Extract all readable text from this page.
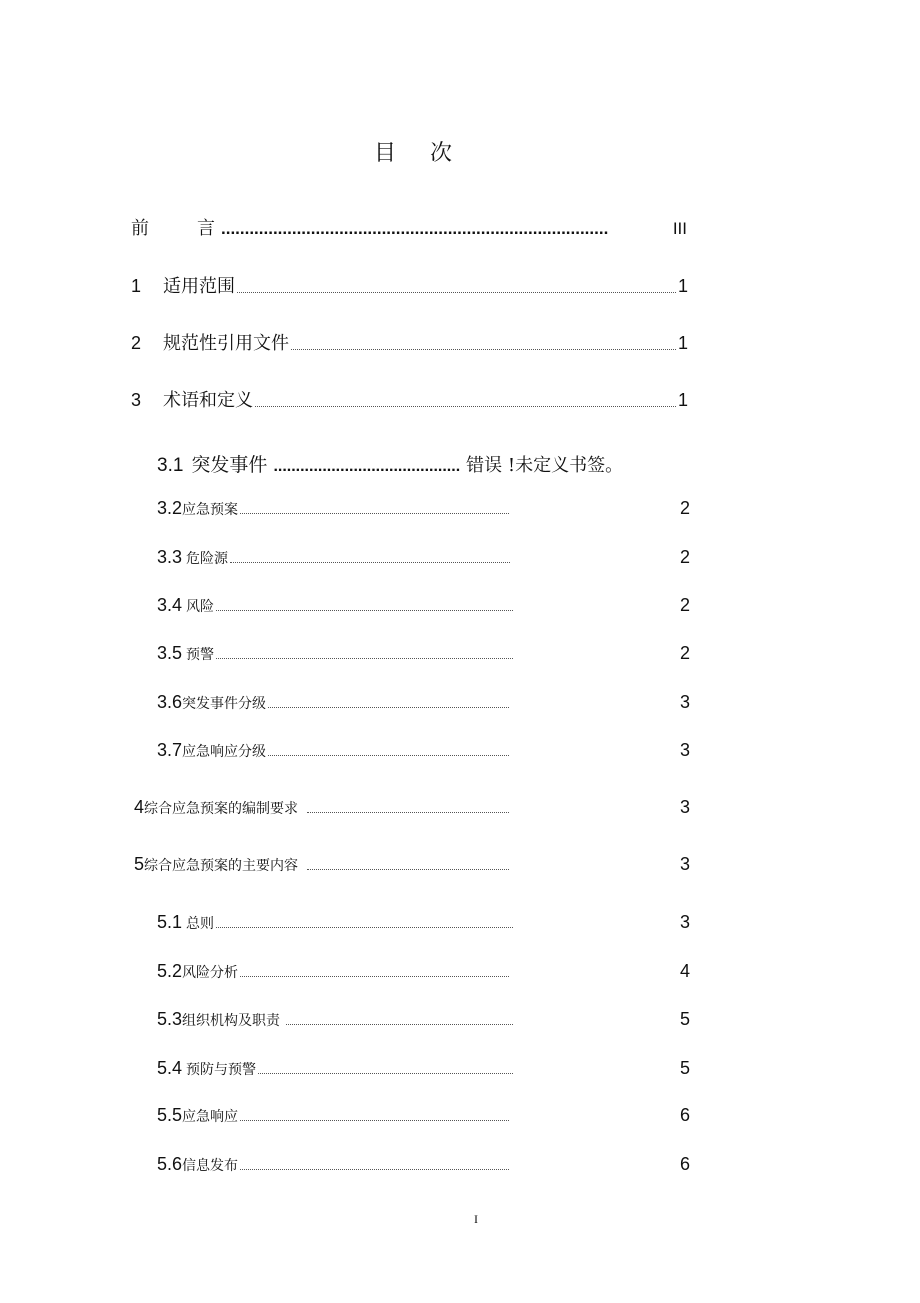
目 次
前	言 ..................................................................................	III
1	适用范围	1
2	规范性引用文件	1
3	术语和定义	1
3.1 突发事件 .......................................... 错误 !未定义书签。
3.2 应急预案	2
3.3 危险源	2
3.4 风险	2
3.5 预警	2
3.6 突发事件分级	3
3.7 应急响应分级	3
4 综合应急预案的编制要求	3
5 综合应急预案的主要内容	3
5.1 总则	3
5.2 风险分析	4
5.3 组织机构及职责	5
5.4 预防与预警	5
5.5 应急响应	6
5.6 信息发布	6
I
